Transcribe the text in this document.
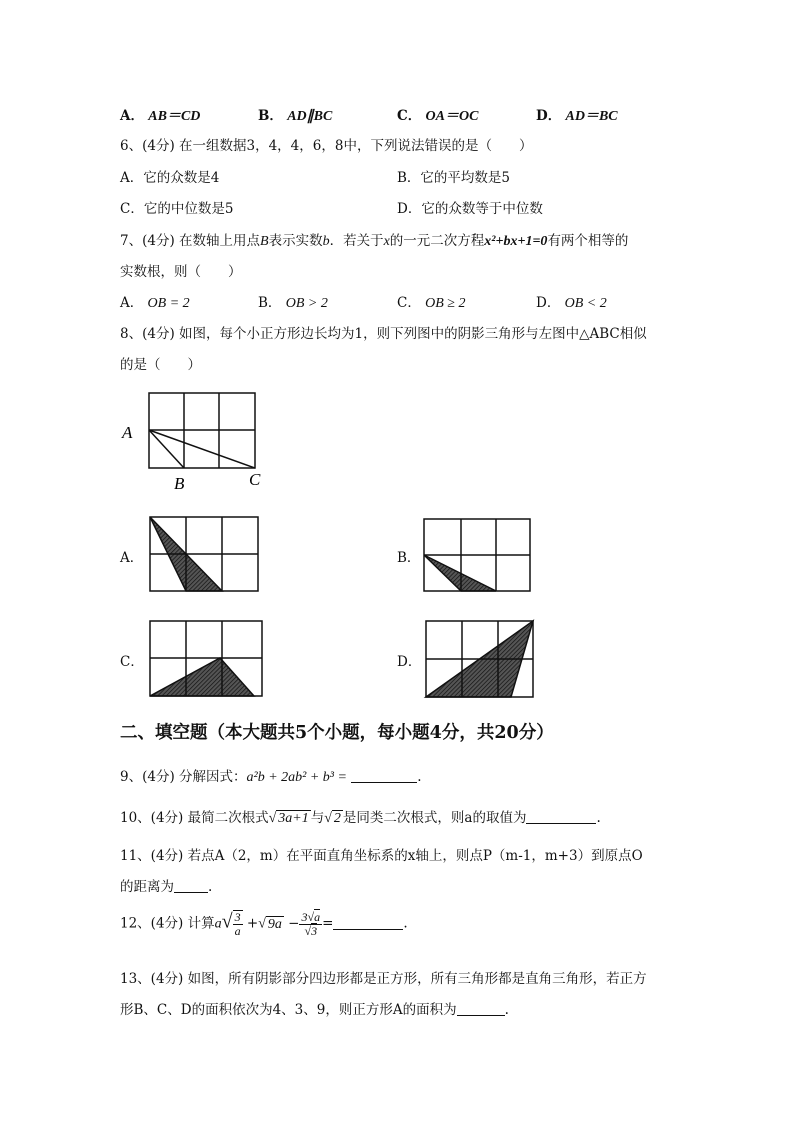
A． AB＝CD	B． AD∥BC	C． OA＝OC	D． AD＝BC
6、(4分) 在一组数据3，4，4，6，8中，下列说法错误的是（　　）
A．它的众数是4	B．它的平均数是5
C．它的中位数是5	D．它的众数等于中位数
7、(4分) 在数轴上用点B表示实数b．若关于x的一元二次方程x²+bx+1=0有两个相等的
实数根，则（　　）
A． OB = 2	B． OB > 2	C． OB ≥ 2	D． OB < 2
8、(4分) 如图，每个小正方形边长均为1，则下列图中的阴影三角形与左图中△ABC相似
的是（　　）
A
B	C
A．	B．
C．	D．
二、填空题（本大题共5个小题，每小题4分，共20分）
9、(4分) 分解因式：a²b + 2ab² + b³ =	.
10、(4分) 最简二次根式√ 3a+1 与√ 2 是同类二次根式，则a的取值为	.
11、(4分) 若点A（2，m）在平面直角坐标系的x轴上，则点P（m-1，m+3）到原点O
的距离为	.
12、(4分) 计算$a√ \frac{3}{a}$ +√ $9a - \frac{3√a}{√3}$ =	.
13、(4分) 如图，所有阴影部分四边形都是正方形，所有三角形都是直角三角形，若正方
形B、C、D的面积依次为4、3、9，则正方形A的面积为	.
